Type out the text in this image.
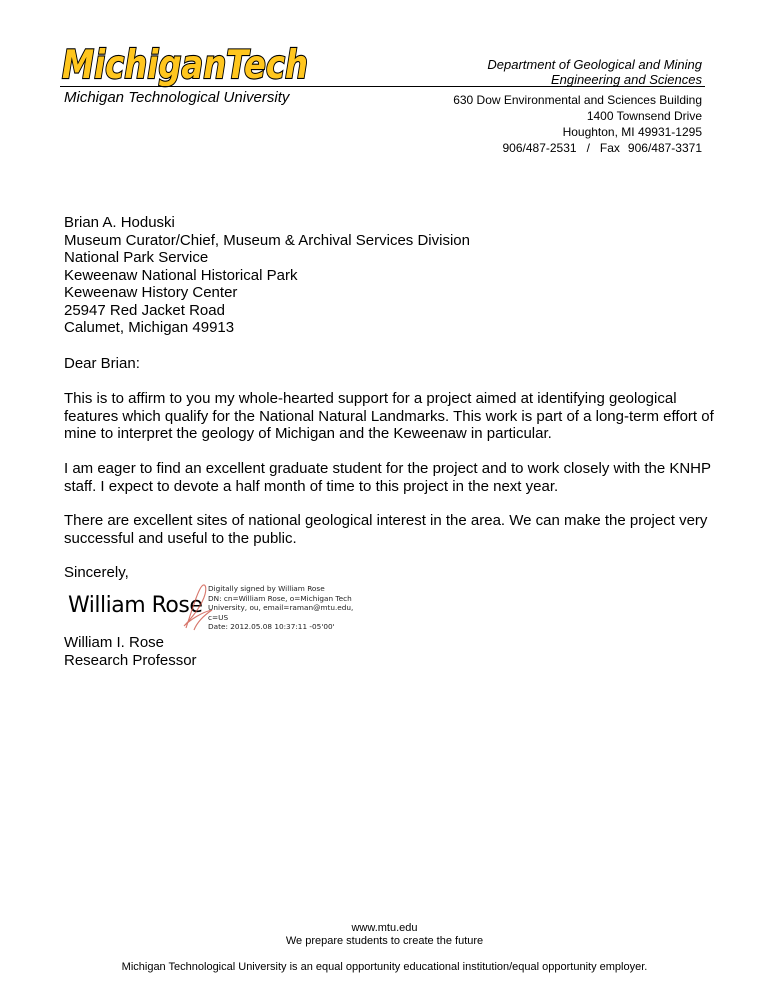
MichiganTech
Michigan Technological University
Department of Geological and Mining
Engineering and Sciences
630 Dow Environmental and Sciences Building
1400 Townsend Drive
Houghton, MI 49931-1295
906/487-2531 / Fax 906/487-3371
Brian A. Hoduski
Museum Curator/Chief, Museum & Archival Services Division
National Park Service
Keweenaw National Historical Park
Keweenaw History Center
25947 Red Jacket Road
Calumet, Michigan 49913
Dear Brian:
This is to affirm to you my whole-hearted support for a project aimed at identifying geological features which qualify for the National Natural Landmarks. This work is part of a long-term effort of mine to interpret the geology of Michigan and the Keweenaw in particular.
I am eager to find an excellent graduate student for the project and to work closely with the KNHP staff. I expect to devote a half month of time to this project in the next year.
There are excellent sites of national geological interest in the area. We can make the project very successful and useful to the public.
Sincerely,
William Rose
Digitally signed by William Rose
DN: cn=William Rose, o=Michigan Tech
University, ou, email=raman@mtu.edu,
c=US
Date: 2012.05.08 10:37:11 -05'00'
William I. Rose
Research Professor
www.mtu.edu
We prepare students to create the future
Michigan Technological University is an equal opportunity educational institution/equal opportunity employer.
